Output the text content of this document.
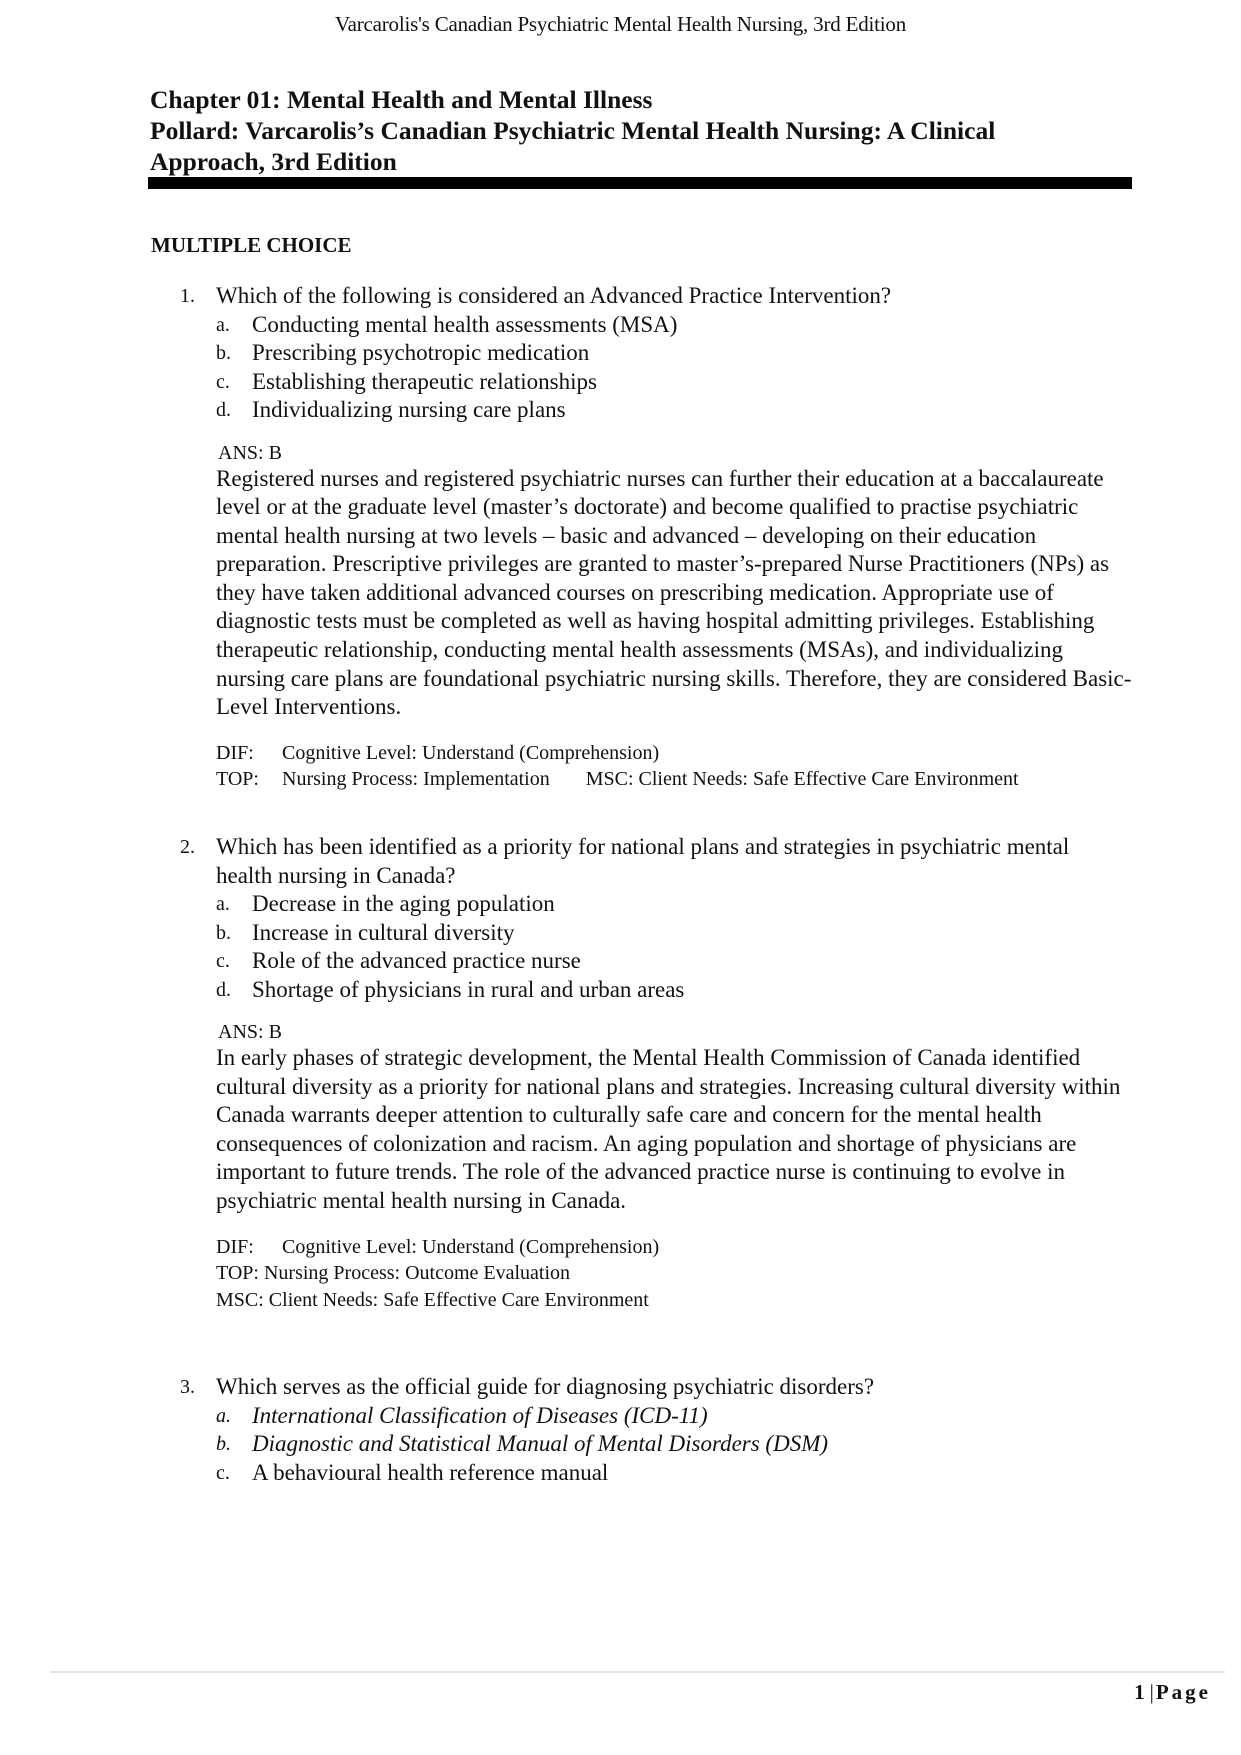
Varcarolis's Canadian Psychiatric Mental Health Nursing, 3rd Edition
Chapter 01: Mental Health and Mental Illness
Pollard: Varcarolis’s Canadian Psychiatric Mental Health Nursing: A Clinical
Approach, 3rd Edition
MULTIPLE CHOICE
1. Which of the following is considered an Advanced Practice Intervention?
a. Conducting mental health assessments (MSA)
b. Prescribing psychotropic medication
c. Establishing therapeutic relationships
d. Individualizing nursing care plans
ANS: B
Registered nurses and registered psychiatric nurses can further their education at a baccalaureate level or at the graduate level (master’s doctorate) and become qualified to practise psychiatric mental health nursing at two levels – basic and advanced – developing on their education preparation. Prescriptive privileges are granted to master’s-prepared Nurse Practitioners (NPs) as they have taken additional advanced courses on prescribing medication. Appropriate use of diagnostic tests must be completed as well as having hospital admitting privileges. Establishing therapeutic relationship, conducting mental health assessments (MSAs), and individualizing nursing care plans are foundational psychiatric nursing skills. Therefore, they are considered Basic-Level Interventions.
DIF: Cognitive Level: Understand (Comprehension)
TOP: Nursing Process: Implementation MSC: Client Needs: Safe Effective Care Environment
2. Which has been identified as a priority for national plans and strategies in psychiatric mental health nursing in Canada?
a. Decrease in the aging population
b. Increase in cultural diversity
c. Role of the advanced practice nurse
d. Shortage of physicians in rural and urban areas
ANS: B
In early phases of strategic development, the Mental Health Commission of Canada identified cultural diversity as a priority for national plans and strategies. Increasing cultural diversity within Canada warrants deeper attention to culturally safe care and concern for the mental health consequences of colonization and racism. An aging population and shortage of physicians are important to future trends. The role of the advanced practice nurse is continuing to evolve in psychiatric mental health nursing in Canada.
DIF: Cognitive Level: Understand (Comprehension)
TOP: Nursing Process: Outcome Evaluation
MSC: Client Needs: Safe Effective Care Environment
3. Which serves as the official guide for diagnosing psychiatric disorders?
a. International Classification of Diseases (ICD-11)
b. Diagnostic and Statistical Manual of Mental Disorders (DSM)
c. A behavioural health reference manual
1|Page
